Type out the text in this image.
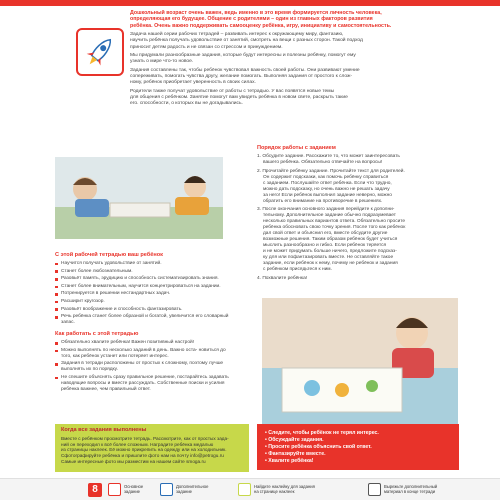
Дошкольный возраст очень важен, ведь именно в это время формируется личность человека,
определяющая его будущее. Общение с родителями – один из главных факторов развития
ребёнка. Очень важно поддерживать самооценку ребёнка, игру, инициативу и самостоятельность.

Задача нашей серии рабочих тетрадей – развивать интерес к окружающему миру, фантазию,
научить ребёнка получать удовольствие от занятий, смотреть на вещи с разных сторон. Такой подход
приносит детям радость и не связан со стрессом и принуждением.

Мы придумали разнообразные задания, которые будут интересны и полезны ребёнку, помогут ему
узнать о мире что-то новое.

Задания составлены так, чтобы ребёнок чувствовал важность своей работы. Они развивают умение
сопереживать, помогать чувства другу, желание помогать. Выполняя задания от простого к слож-
ному, ребёнок приобретает уверенность в своих силах.

Родители также получат удовольствие от работы с тетрадью. У вас появятся новые темы
для общения с ребёнком. Занятие помогут вам увидеть ребёнка в новом свете, раскрыть такие
его. способности, о которых вы не догадывались.

Порядок работы с заданием
1. Обсудите задание. Расскажите то, что может заинтересовать
вашего ребёнка. Обязательно отвечайте на вопросы!
2. Прочитайте ребёнку задание. Прочитайте текст для родителей.
Он содержит подсказки, как помочь ребёнку справиться
с заданием. Послушайте ответ ребёнка. Если что трудно,
можно дать подсказку, но очень важно не решать задачу
за него! Если ребёнок выполнил задание неверно, можно
обратить его внимание на противоречие в решениях.
3. После окончания основного задания перейдите к дополни-
тельному. Дополнительное задание обычно подразумевает
несколько правильных вариантов ответа. Обязательно просите
ребёнка обосновать свою точку зрения. После того как ребёнок
дал свой ответ и объяснил его, вместе обсудите другие
возможные решения. Таким образом ребёнок будет учиться
мыслить разнообразно и гибко. Если ребёнок теряется
и не может придумать больше ничего, предложите подсказ-
ку для или пофантазировать вместе. Не оставляйте такое
задание, если ребёнок к нему, почему не ребёнок и задания
с ребёнком присядьтеся к ним.
4. Похвалите ребёнка!
С этой рабочей тетрадью ваш ребёнок
Научится получать удовольствие от занятий.
Станет более любознательным.
Разовьёт память, эрудицию и способность систематизировать знания.
Станет более внимательным, научится концентрироваться на задании.
Потренируется в решении нестандартных задач.
Расширит кругозор.
Разовьёт воображение и способность фантазировать.
Речь ребёнка станет более образной и богатой, увеличится его словарный запас.
Как работать с этой тетрадью
Обязательно хвалите ребёнка! Важен позитивный настрой!
Можно выполнять по несколько заданий в день. Важно оста- новиться до того, как ребёнок устанет или потеряет интерес.
Задания в тетради расположены от простых к сложному, поэтому лучше выполнять их по порядку.
Не спешите объяснять сразу правильное решение, постарайтесь задавать наводящие вопросы и вместе рассуждать. Собственные поиски и усилия ребёнка важнее, чем правильный ответ.
Когда все задания выполнены
Вместе с ребёнком просмотрите тетрадь. Рассмотрите, как от простых зада-
ний он переходил к всё более сложным. Наградите ребёнка медалью
из страницы наклеек. Её можно прикрепить на одежду или на холодильник.
Сфотографируйте ребёнка и пришлите фото нам на почту info@petrogu.ru
Самые интересные фото мы разместим на нашем сайте smoga.ru
• Следите, чтобы ребёнок не терял интерес.
• Обсуждайте задания.
• Просите ребёнка объяснить свой ответ.
• Фантазируйте вместе.
• Хвалите ребёнка!
8	Основное
задание
Дополнительное
задание
Найдите наклейку для задания
на странице наклеек
Вырежьте дополнительный
материал в конце тетради
